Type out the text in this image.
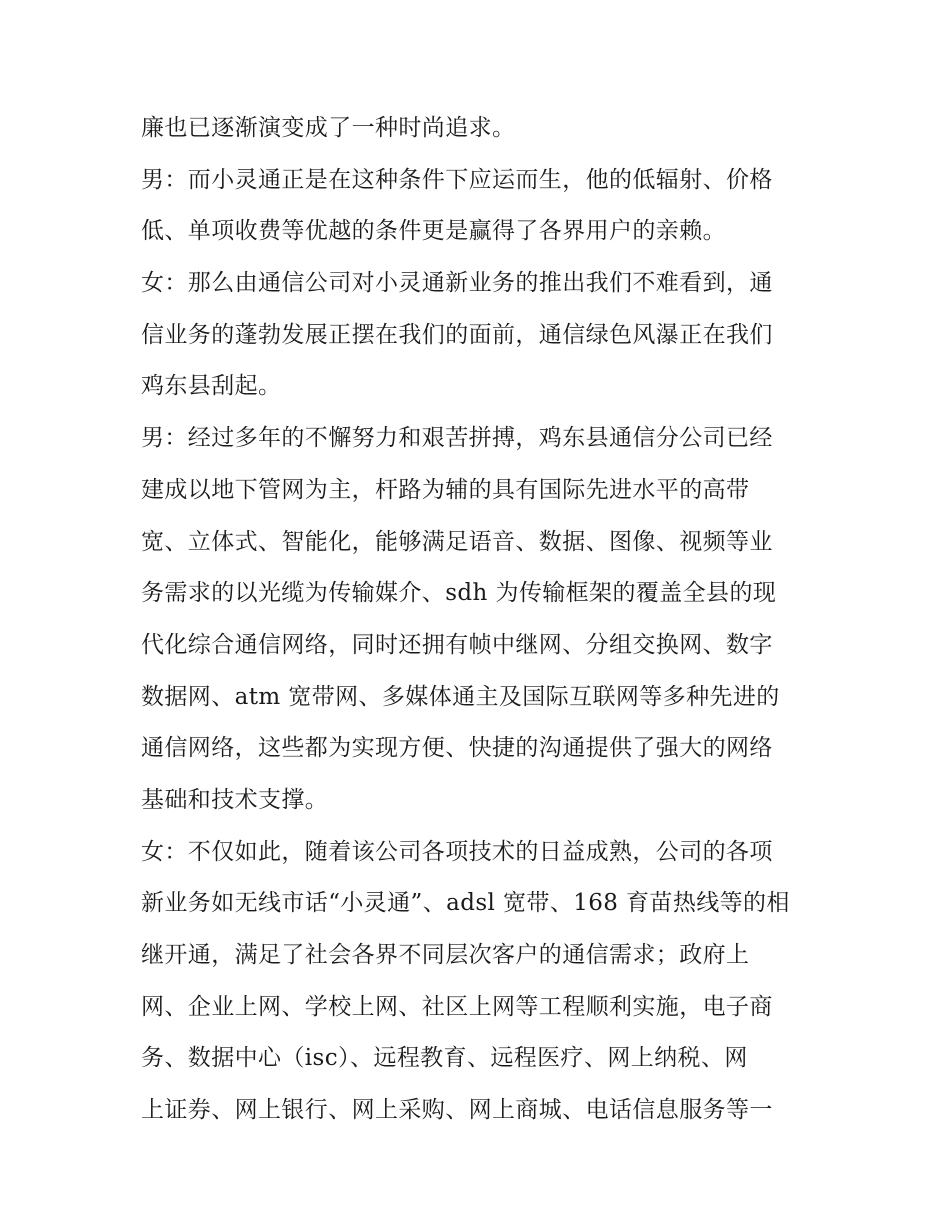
廉也已逐渐演变成了一种时尚追求。
男：而小灵通正是在这种条件下应运而生，他的低辐射、价格
低、单项收费等优越的条件更是赢得了各界用户的亲赖。
女：那么由通信公司对小灵通新业务的推出我们不难看到，通
信业务的蓬勃发展正摆在我们的面前，通信绿色风瀑正在我们
鸡东县刮起。
男：经过多年的不懈努力和艰苦拼搏，鸡东县通信分公司已经
建成以地下管网为主，杆路为辅的具有国际先进水平的高带
宽、立体式、智能化，能够满足语音、数据、图像、视频等业
务需求的以光缆为传输媒介、sdh 为传输框架的覆盖全县的现
代化综合通信网络，同时还拥有帧中继网、分组交换网、数字
数据网、atm 宽带网、多媒体通主及国际互联网等多种先进的
通信网络，这些都为实现方便、快捷的沟通提供了强大的网络
基础和技术支撑。
女：不仅如此，随着该公司各项技术的日益成熟，公司的各项
新业务如无线市话“小灵通”、adsl 宽带、168 育苗热线等的相
继开通，满足了社会各界不同层次客户的通信需求；政府上
网、企业上网、学校上网、社区上网等工程顺利实施，电子商
务、数据中心（isc）、远程教育、远程医疗、网上纳税、网
上证券、网上银行、网上采购、网上商城、电话信息服务等一
